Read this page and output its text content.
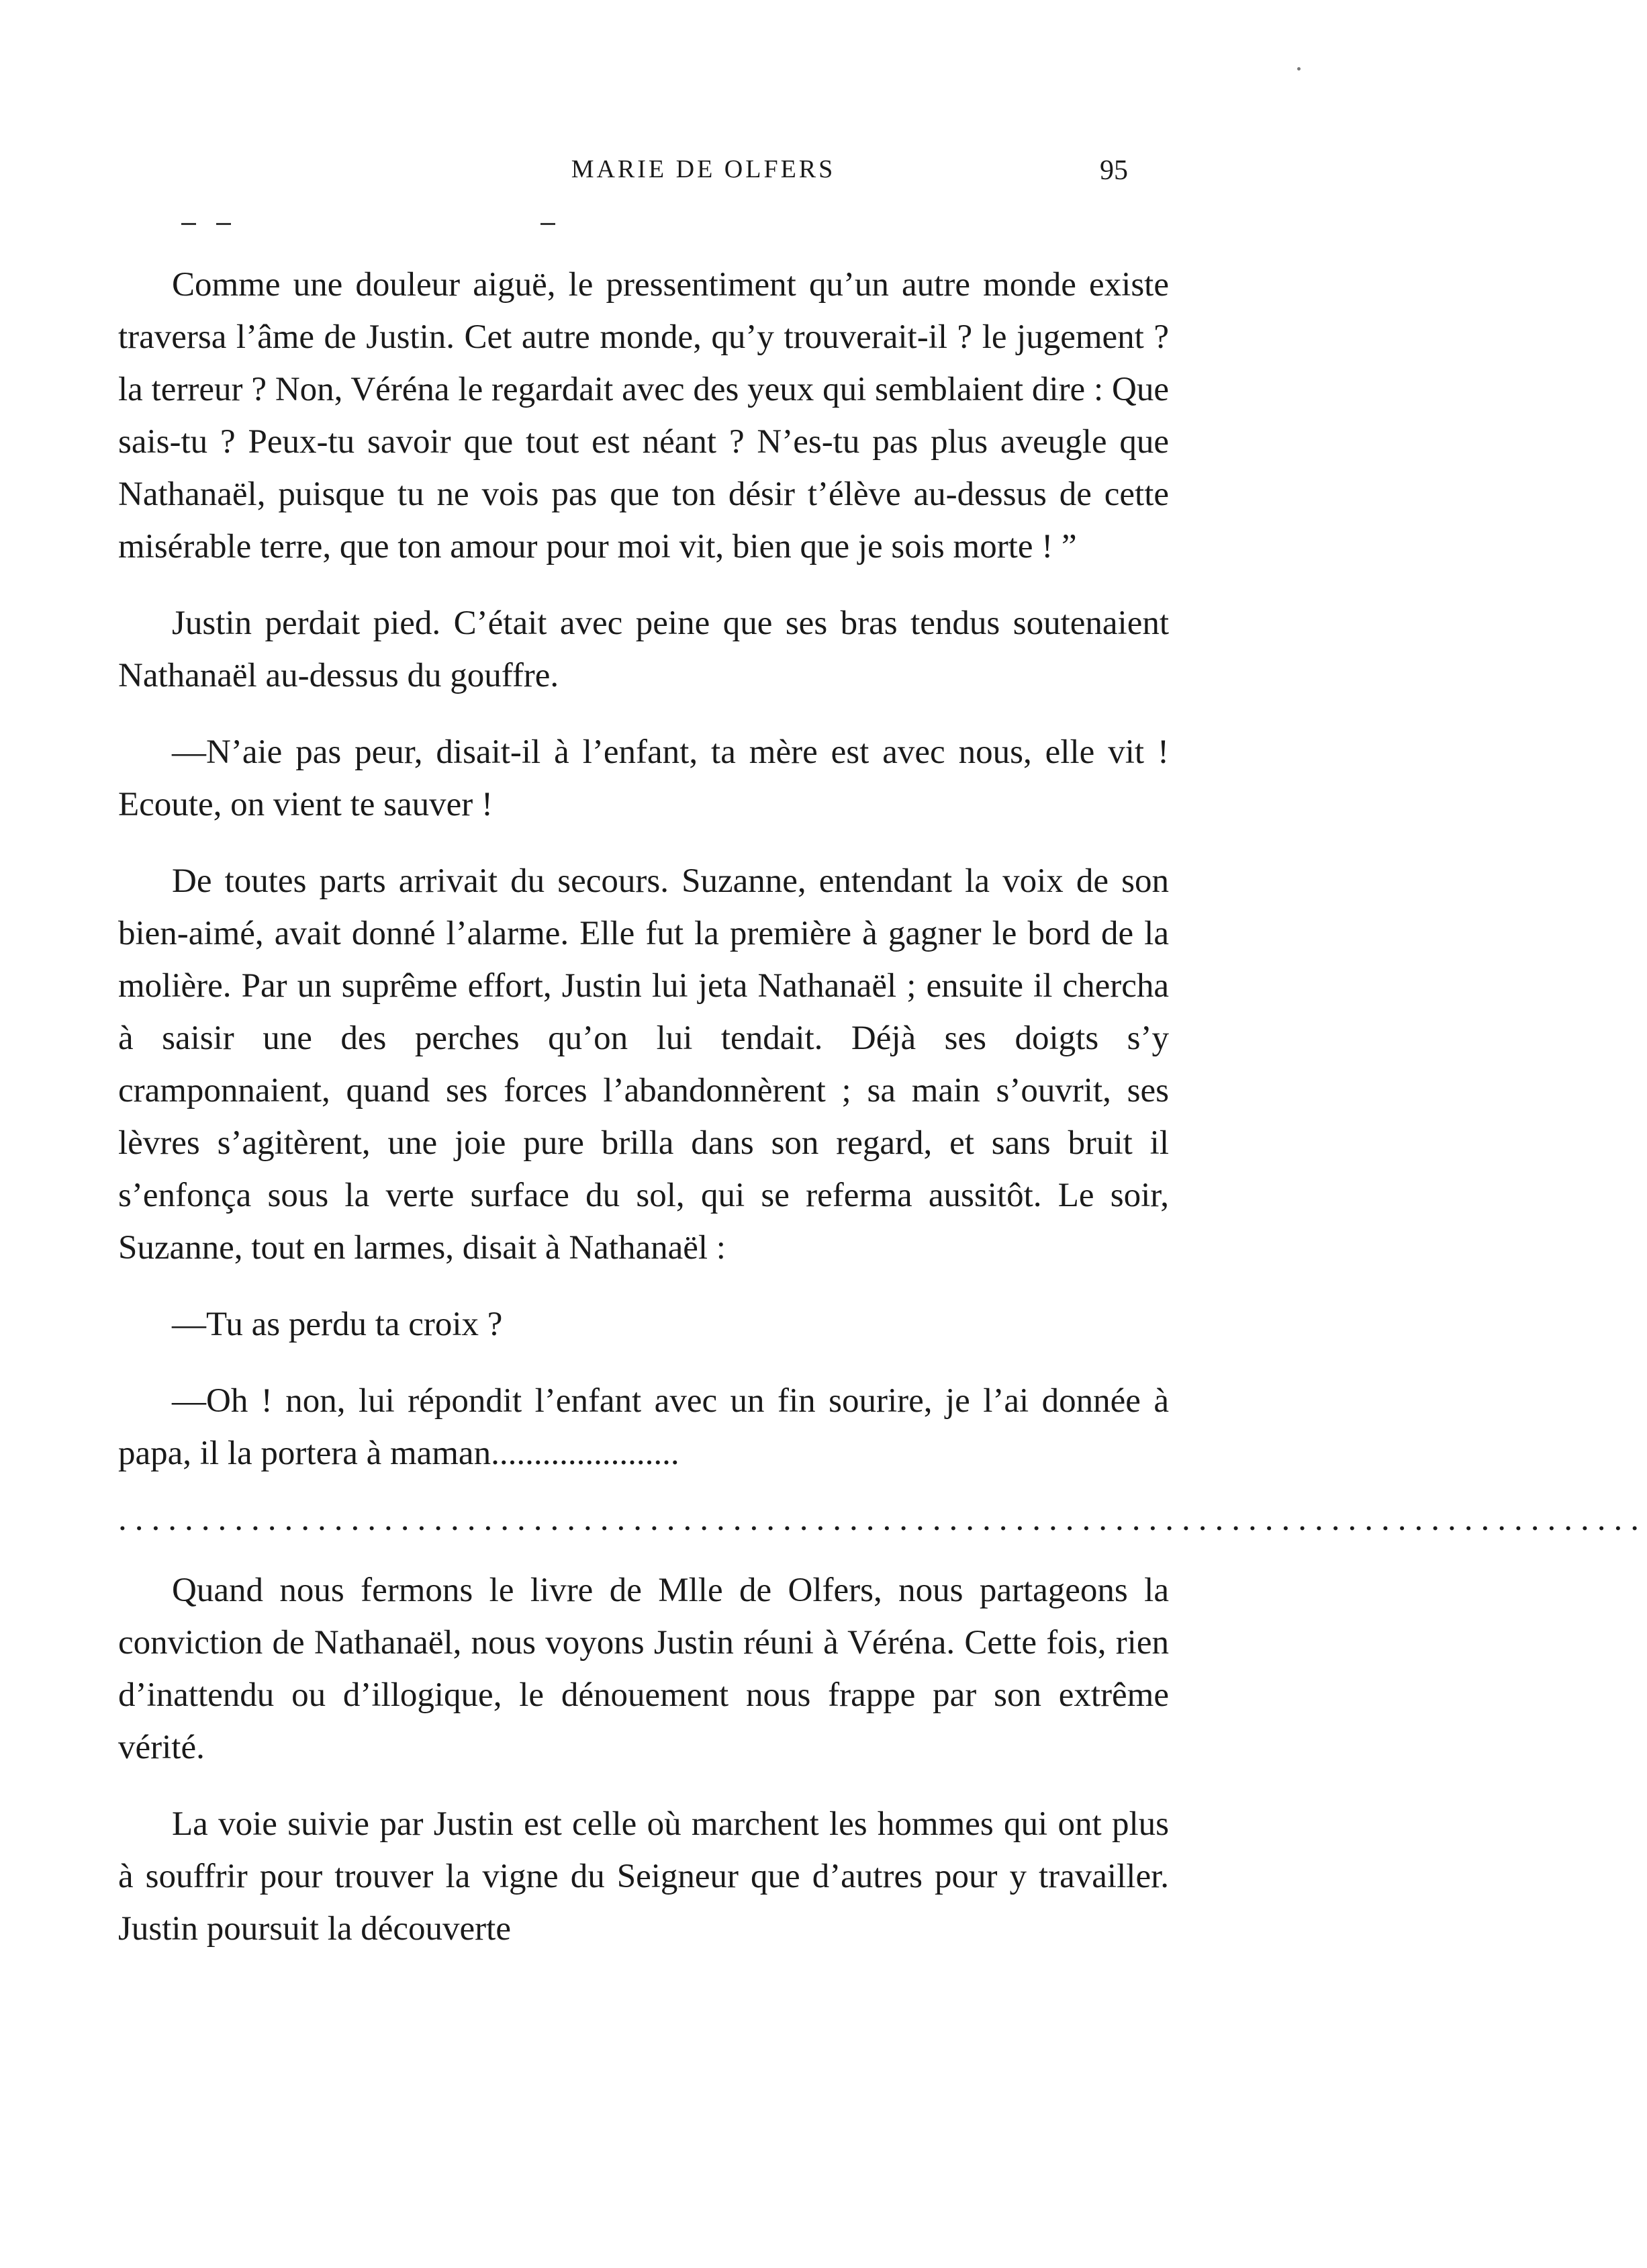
MARIE DE OLFERS	95

Comme une douleur aiguë, le pressentiment qu’un autre monde existe traversa l’âme de Justin. Cet autre monde, qu’y trouverait-il ? le jugement ? la terreur ? Non, Véréna le regardait avec des yeux qui semblaient dire : Que sais-tu ? Peux-tu savoir que tout est néant ? N’es-tu pas plus aveugle que Nathanaël, puisque tu ne vois pas que ton désir t’élève au-dessus de cette misérable terre, que ton amour pour moi vit, bien que je sois morte ! ”

Justin perdait pied. C’était avec peine que ses bras tendus soutenaient Nathanaël au-dessus du gouffre.

—N’aie pas peur, disait-il à l’enfant, ta mère est avec nous, elle vit ! Ecoute, on vient te sauver !

De toutes parts arrivait du secours. Suzanne, entendant la voix de son bien-aimé, avait donné l’alarme. Elle fut la première à gagner le bord de la molière. Par un suprême effort, Justin lui jeta Nathanaël ; ensuite il chercha à saisir une des perches qu’on lui tendait. Déjà ses doigts s’y cramponnaient, quand ses forces l’abandonnèrent ; sa main s’ouvrit, ses lèvres s’agitèrent, une joie pure brilla dans son regard, et sans bruit il s’enfonça sous la verte surface du sol, qui se referma aussitôt. Le soir, Suzanne, tout en larmes, disait à Nathanaël :

—Tu as perdu ta croix ?

—Oh ! non, lui répondit l’enfant avec un fin sourire, je l’ai donnée à papa, il la portera à maman......................

............................................................................................

Quand nous fermons le livre de Mlle de Olfers, nous partageons la conviction de Nathanaël, nous voyons Justin réuni à Véréna. Cette fois, rien d’inattendu ou d’illogique, le dénouement nous frappe par son extrême vérité.

La voie suivie par Justin est celle où marchent les hommes qui ont plus à souffrir pour trouver la vigne du Seigneur que d’autres pour y travailler. Justin poursuit la découverte
